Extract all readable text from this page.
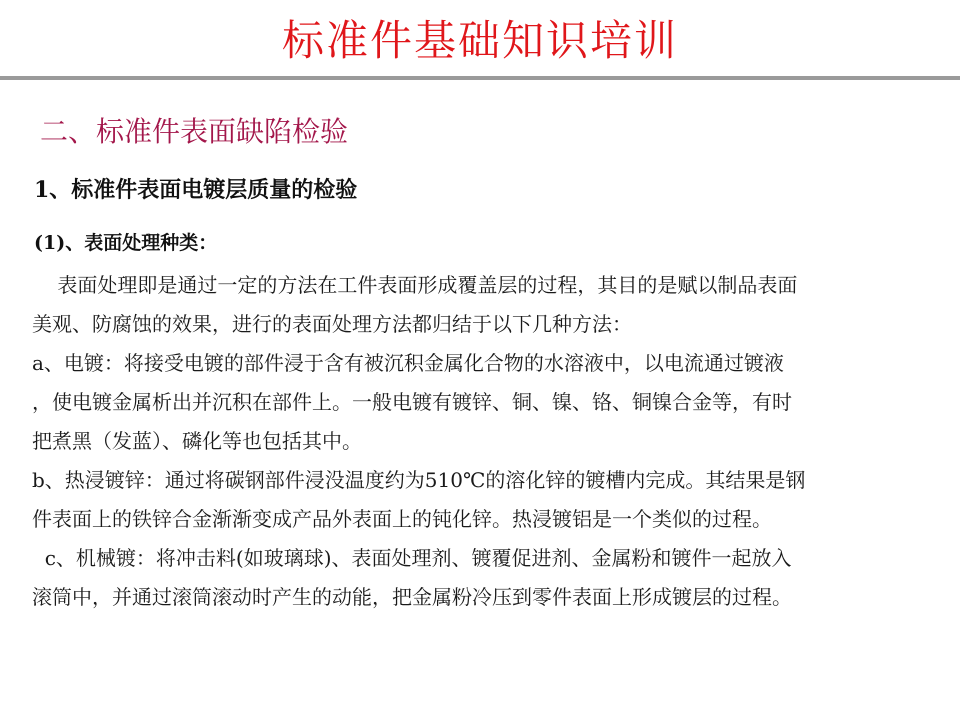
标准件基础知识培训
二、标准件表面缺陷检验
1、标准件表面电镀层质量的检验
(1)、表面处理种类：
表面处理即是通过一定的方法在工件表面形成覆盖层的过程，其目的是赋以制品表面
美观、防腐蚀的效果，进行的表面处理方法都归结于以下几种方法：
a、电镀：将接受电镀的部件浸于含有被沉积金属化合物的水溶液中，以电流通过镀液
，使电镀金属析出并沉积在部件上。一般电镀有镀锌、铜、镍、铬、铜镍合金等，有时
把煮黑（发蓝）、磷化等也包括其中。
b、热浸镀锌：通过将碳钢部件浸没温度约为510℃的溶化锌的镀槽内完成。其结果是钢
件表面上的铁锌合金渐渐变成产品外表面上的钝化锌。热浸镀铝是一个类似的过程。
c、机械镀：将冲击料(如玻璃球)、表面处理剂、镀覆促进剂、金属粉和镀件一起放入
滚筒中，并通过滚筒滚动时产生的动能，把金属粉冷压到零件表面上形成镀层的过程。
